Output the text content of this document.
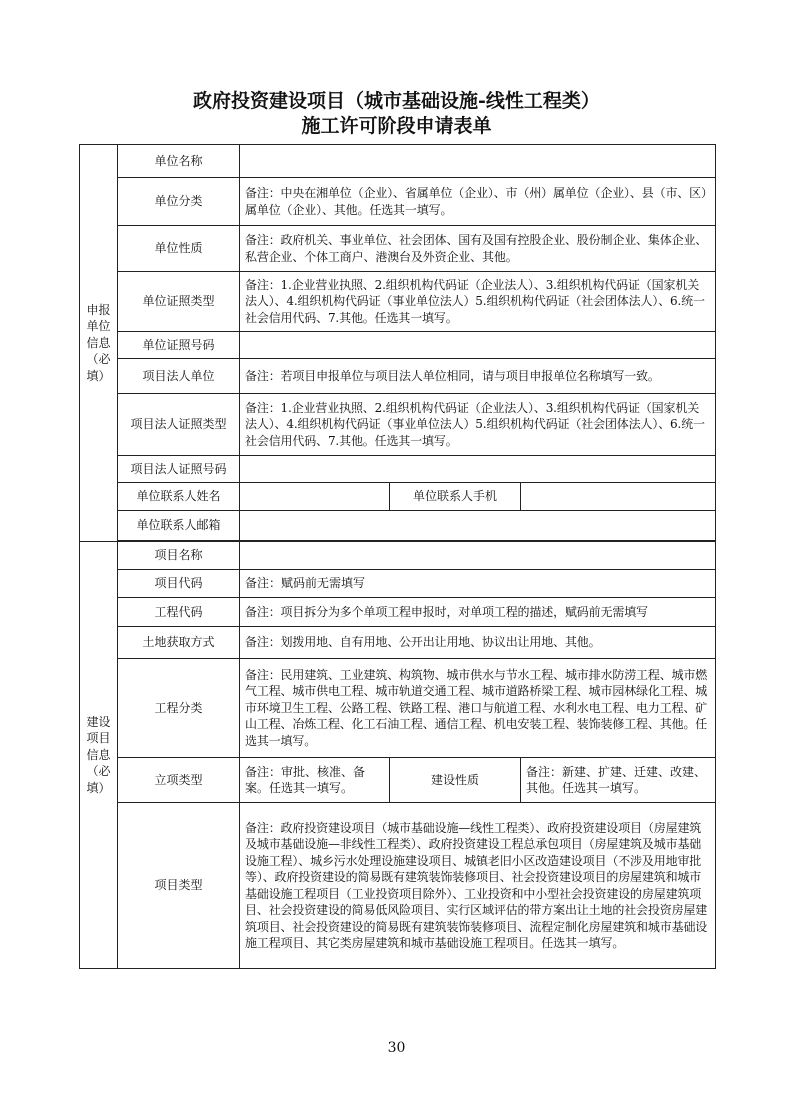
政府投资建设项目（城市基础设施-线性工程类）
施工许可阶段申请表单
申报
单位
信息
（必
填）	单位名称			
	单位分类	备注：中央在湘单位（企业）、省属单位（企业）、市（州）属单位（企业）、县（市、区）属单位（企业）、其他。任选其一填写。		
	单位性质	备注：政府机关、事业单位、社会团体、国有及国有控股企业、股份制企业、集体企业、私营企业、个体工商户、港澳台及外资企业、其他。		
	单位证照类型	备注：1.企业营业执照、2.组织机构代码证（企业法人）、3.组织机构代码证（国家机关法人）、4.组织机构代码证（事业单位法人）5.组织机构代码证（社会团体法人）、6.统一社会信用代码、7.其他。任选其一填写。		
	单位证照号码			
	项目法人单位	备注：若项目申报单位与项目法人单位相同，请与项目申报单位名称填写一致。		
	项目法人证照类型	备注：1.企业营业执照、2.组织机构代码证（企业法人）、3.组织机构代码证（国家机关法人）、4.组织机构代码证（事业单位法人）5.组织机构代码证（社会团体法人）、6.统一社会信用代码、7.其他。任选其一填写。		
	项目法人证照号码			
	单位联系人姓名		单位联系人手机	
	单位联系人邮箱			

建设
项目
信息
（必
填）	项目名称			
	项目代码	备注：赋码前无需填写		
	工程代码	备注：项目拆分为多个单项工程申报时，对单项工程的描述，赋码前无需填写		
	土地获取方式	备注：划拨用地、自有用地、公开出让用地、协议出让用地、其他。		
	工程分类	备注：民用建筑、工业建筑、构筑物、城市供水与节水工程、城市排水防涝工程、城市燃气工程、城市供电工程、城市轨道交通工程、城市道路桥梁工程、城市园林绿化工程、城市环境卫生工程、公路工程、铁路工程、港口与航道工程、水利水电工程、电力工程、矿山工程、冶炼工程、化工石油工程、通信工程、机电安装工程、装饰装修工程、其他。任选其一填写。		
	立项类型	备注：审批、核准、备案。任选其一填写。	建设性质	备注：新建、扩建、迁建、改建、其他。任选其一填写。
	项目类型	备注：政府投资建设项目（城市基础设施—线性工程类）、政府投资建设项目（房屋建筑及城市基础设施—非线性工程类）、政府投资建设工程总承包项目（房屋建筑及城市基础设施工程）、城乡污水处理设施建设项目、城镇老旧小区改造建设项目（不涉及用地审批等）、政府投资建设的简易既有建筑装饰装修项目、社会投资建设项目的房屋建筑和城市基础设施工程项目（工业投资项目除外）、工业投资和中小型社会投资建设的房屋建筑项目、社会投资建设的简易低风险项目、实行区域评估的带方案出让土地的社会投资房屋建筑项目、社会投资建设的简易既有建筑装饰装修项目、流程定制化房屋建筑和城市基础设施工程项目、其它类房屋建筑和城市基础设施工程项目。任选其一填写。		
30
